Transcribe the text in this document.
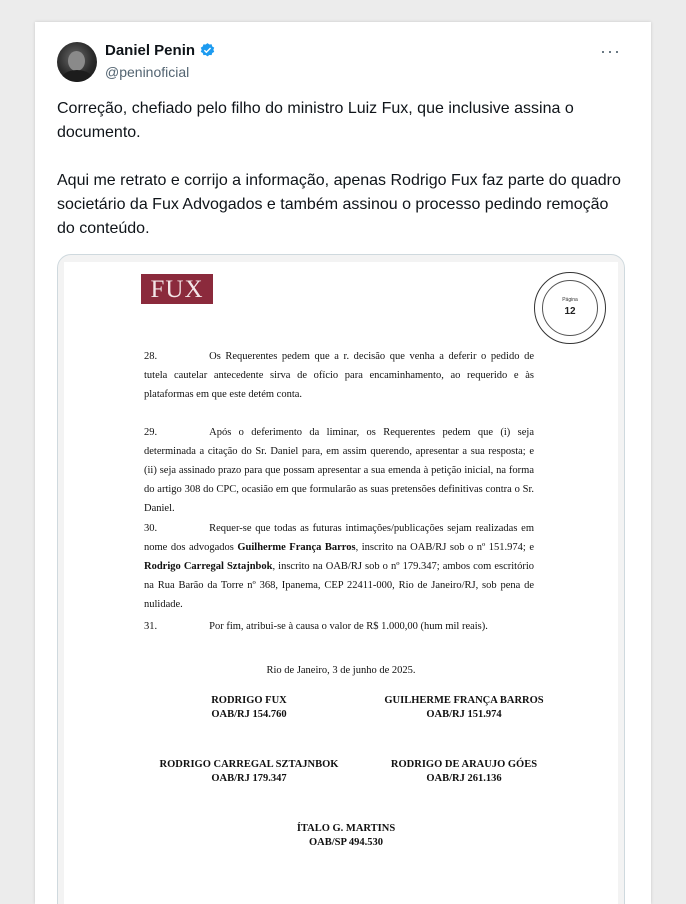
Daniel Penin
@peninoficial
···

Correção, chefiado pelo filho do ministro Luiz Fux, que inclusive assina o documento.

Aqui me retrato e corrijo a informação, apenas Rodrigo Fux faz parte do quadro societário da Fux Advogados e também assinou o processo pedindo remoção do conteúdo.

FUX	Página
12
28.	Os Requerentes pedem que a r. decisão que venha a deferir o pedido de tutela cautelar antecedente sirva de ofício para encaminhamento, ao requerido e às plataformas em que este detém conta.
29.	Após o deferimento da liminar, os Requerentes pedem que (i) seja determinada a citação do Sr. Daniel para, em assim querendo, apresentar a sua resposta; e (ii) seja assinado prazo para que possam apresentar a sua emenda à petição inicial, na forma do artigo 308 do CPC, ocasião em que formularão as suas pretensões definitivas contra o Sr. Daniel.
30.	Requer-se que todas as futuras intimações/publicações sejam realizadas em nome dos advogados Guilherme França Barros, inscrito na OAB/RJ sob o nº 151.974; e Rodrigo Carregal Sztajnbok, inscrito na OAB/RJ sob o nº 179.347; ambos com escritório na Rua Barão da Torre nº 368, Ipanema, CEP 22411-000, Rio de Janeiro/RJ, sob pena de nulidade.
31.	Por fim, atribui-se à causa o valor de R$ 1.000,00 (hum mil reais).
Rio de Janeiro, 3 de junho de 2025.
RODRIGO FUX
OAB/RJ 154.760
GUILHERME FRANÇA BARROS
OAB/RJ 151.974
RODRIGO CARREGAL SZTAJNBOK
OAB/RJ 179.347
RODRIGO DE ARAUJO GÓES
OAB/RJ 261.136
ÍTALO G. MARTINS
OAB/SP 494.530
